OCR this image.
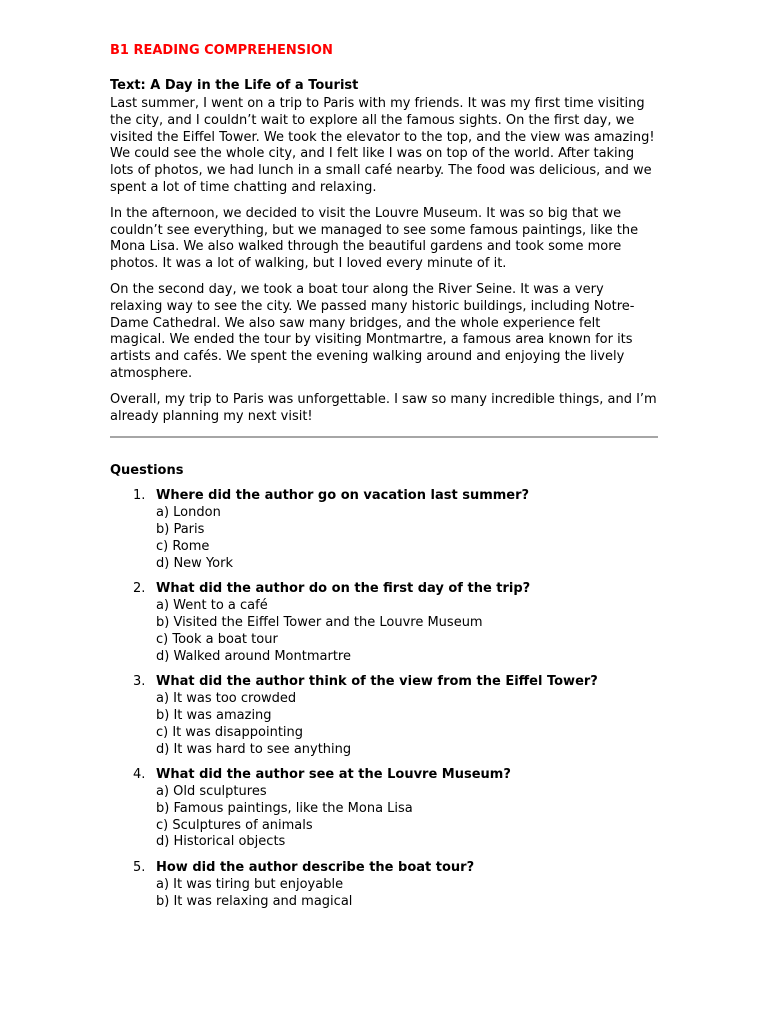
B1 READING COMPREHENSION
Text: A Day in the Life of a Tourist

Last summer, I went on a trip to Paris with my friends. It was my first time visiting the city, and I couldn’t wait to explore all the famous sights. On the first day, we visited the Eiffel Tower. We took the elevator to the top, and the view was amazing! We could see the whole city, and I felt like I was on top of the world. After taking lots of photos, we had lunch in a small café nearby. The food was delicious, and we spent a lot of time chatting and relaxing.

In the afternoon, we decided to visit the Louvre Museum. It was so big that we couldn’t see everything, but we managed to see some famous paintings, like the Mona Lisa. We also walked through the beautiful gardens and took some more photos. It was a lot of walking, but I loved every minute of it.

On the second day, we took a boat tour along the River Seine. It was a very relaxing way to see the city. We passed many historic buildings, including Notre-Dame Cathedral. We also saw many bridges, and the whole experience felt magical. We ended the tour by visiting Montmartre, a famous area known for its artists and cafés. We spent the evening walking around and enjoying the lively atmosphere.

Overall, my trip to Paris was unforgettable. I saw so many incredible things, and I’m already planning my next visit!

Questions
1. Where did the author go on vacation last summer?
a) London
b) Paris
c) Rome
d) New York
2. What did the author do on the first day of the trip?
a) Went to a café
b) Visited the Eiffel Tower and the Louvre Museum
c) Took a boat tour
d) Walked around Montmartre
3. What did the author think of the view from the Eiffel Tower?
a) It was too crowded
b) It was amazing
c) It was disappointing
d) It was hard to see anything
4. What did the author see at the Louvre Museum?
a) Old sculptures
b) Famous paintings, like the Mona Lisa
c) Sculptures of animals
d) Historical objects
5. How did the author describe the boat tour?
a) It was tiring but enjoyable
b) It was relaxing and magical
